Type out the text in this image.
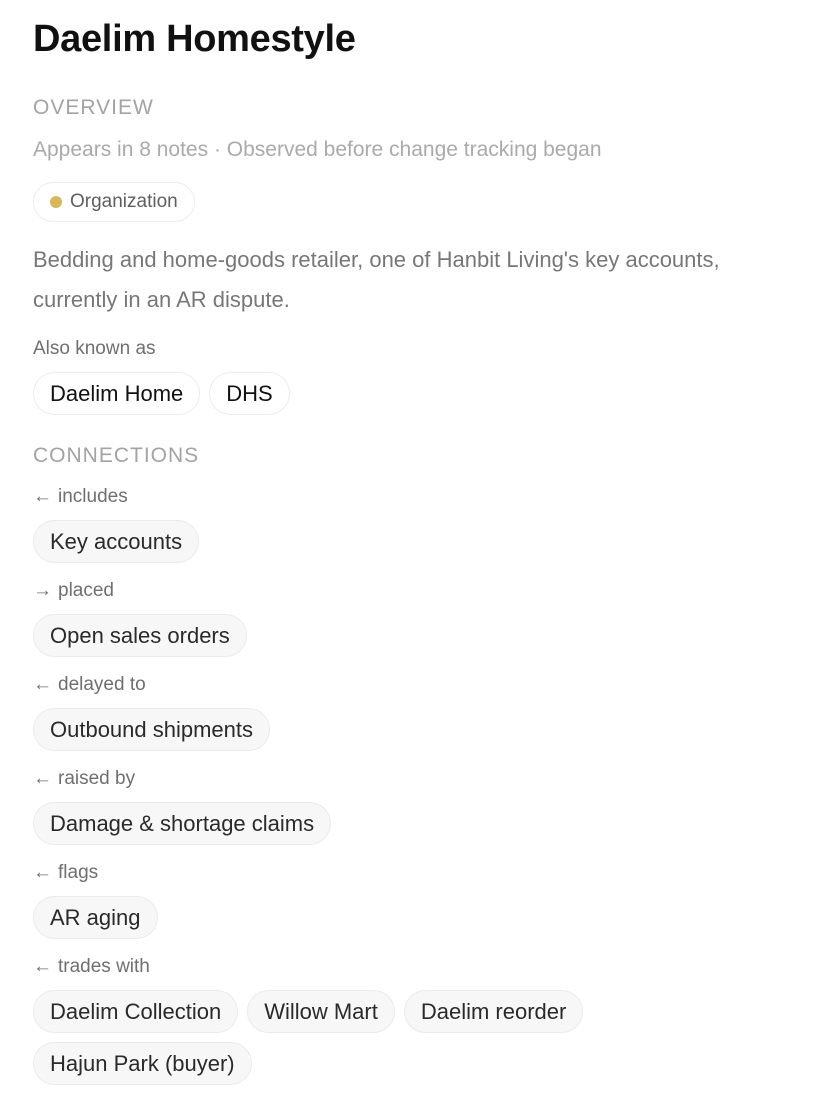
Daelim Homestyle
OVERVIEW
Appears in 8 notes · Observed before change tracking began
Organization

Bedding and home-goods retailer, one of Hanbit Living's key accounts,
currently in an AR dispute.

Also known as
Daelim Home	DHS
CONNECTIONS
← includes
Key accounts
→ placed
Open sales orders
← delayed to
Outbound shipments
← raised by
Damage & shortage claims
← flags
AR aging
← trades with
Daelim Collection	Willow Mart	Daelim reorder
Hajun Park (buyer)
